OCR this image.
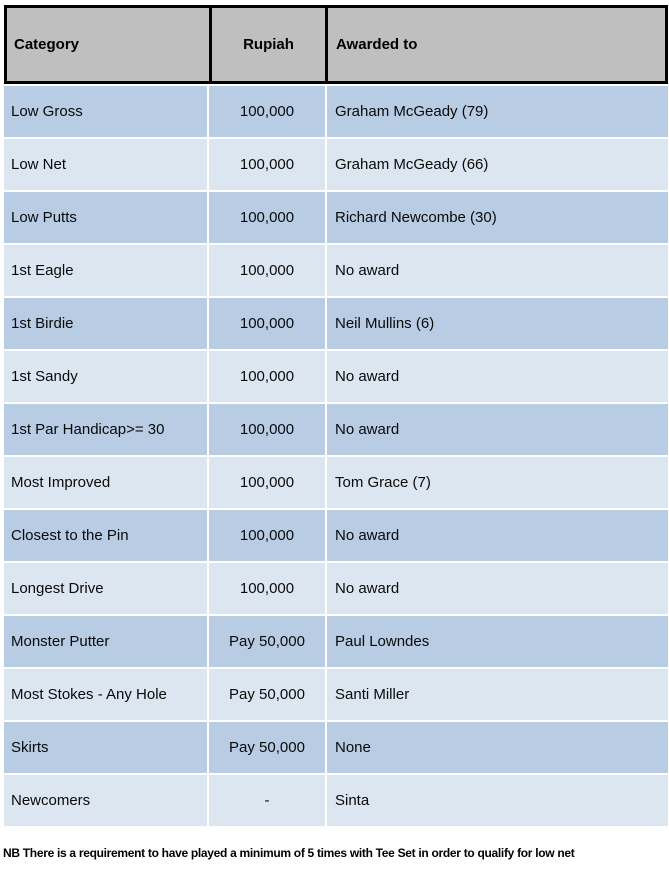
Category	Rupiah	Awarded to
Low Gross	100,000	Graham McGeady (79)
Low Net	100,000	Graham McGeady (66)
Low Putts	100,000	Richard Newcombe (30)
1st Eagle	100,000	No award
1st Birdie	100,000	Neil Mullins (6)
1st Sandy	100,000	No award
1st Par Handicap>= 30	100,000	No award
Most Improved	100,000	Tom Grace (7)
Closest to the Pin	100,000	No award
Longest Drive	100,000	No award
Monster Putter	Pay 50,000	Paul Lowndes
Most Stokes - Any Hole	Pay 50,000	Santi Miller
Skirts	Pay 50,000	None
Newcomers	-	Sinta
NB There is a requirement to have played a minimum of 5 times with Tee Set in order to qualify for low net
